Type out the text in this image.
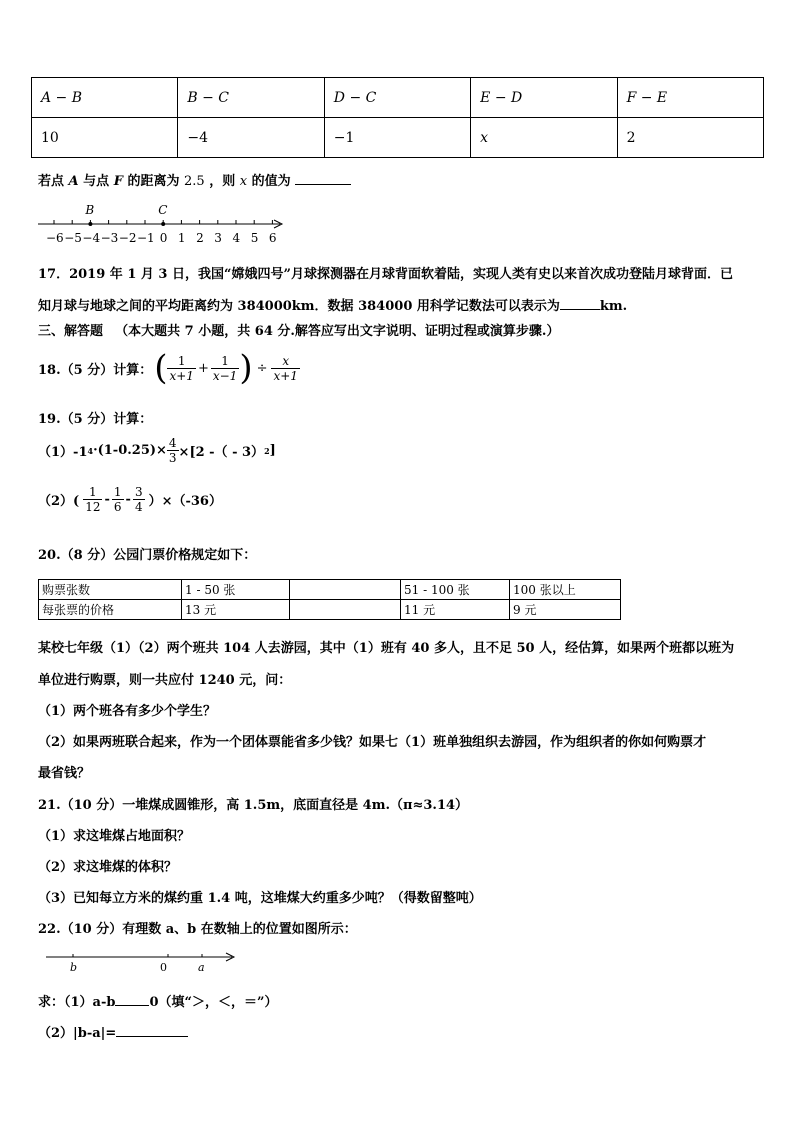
A − B	B − C	D − C	E − D	F − E
10	−4	−1	x	2
若点 A 与点 F 的距离为 2.5 ，则 x 的值为
−6 −5 −4 −3 −2 −1 0 1 2 3 4 5 6
B	C
17．2019 年 1 月 3 日，我国“嫦娥四号”月球探测器在月球背面软着陆，实现人类有史以来首次成功登陆月球背面．已
知月球与地球之间的平均距离约为 384000km．数据 384000 用科学记数法可以表示为	km.
三、解答题 （本大题共 7 小题，共 64 分.解答应写出文字说明、证明过程或演算步骤.）
18.（5 分）计算： ( $\frac{1}{x+1} + \frac{1}{x-1}$ ) ÷ $\frac{x}{x+1}$
19.（5 分）计算：
（1）-1 $4 \cdot(1-0.25)\times \frac{4}{3} \times[2$ -（ - 3） 2 ]
$(2)( \frac{1}{12} - \frac{1}{6} - \frac{3}{4} )\times(-36)$
20.（8 分）公园门票价格规定如下：
购票张数	1 - 50 张		51 - 100 张	100 张以上
每张票的价格	13 元		11 元	9 元
某校七年级（1）（2）两个班共 104 人去游园，其中（1）班有 40 多人，且不足 50 人，经估算，如果两个班都以班为
单位进行购票，则一共应付 1240 元，问：
（1）两个班各有多少个学生？
（2）如果两班联合起来，作为一个团体票能省多少钱？如果七（1）班单独组织去游园，作为组织者的你如何购票才
最省钱？
21.（10 分）一堆煤成圆锥形，高 1.5m，底面直径是 4m.（π≈3.14）
（1）求这堆煤占地面积？
（2）求这堆煤的体积？
（3）已知每立方米的煤约重 1.4 吨，这堆煤大约重多少吨？（得数留整吨）
22.（10 分）有理数 a、b 在数轴上的位置如图所示：
b	0	a
求：（1）a-b	0（填“＞，＜，＝”）
（2）|b-a|=
